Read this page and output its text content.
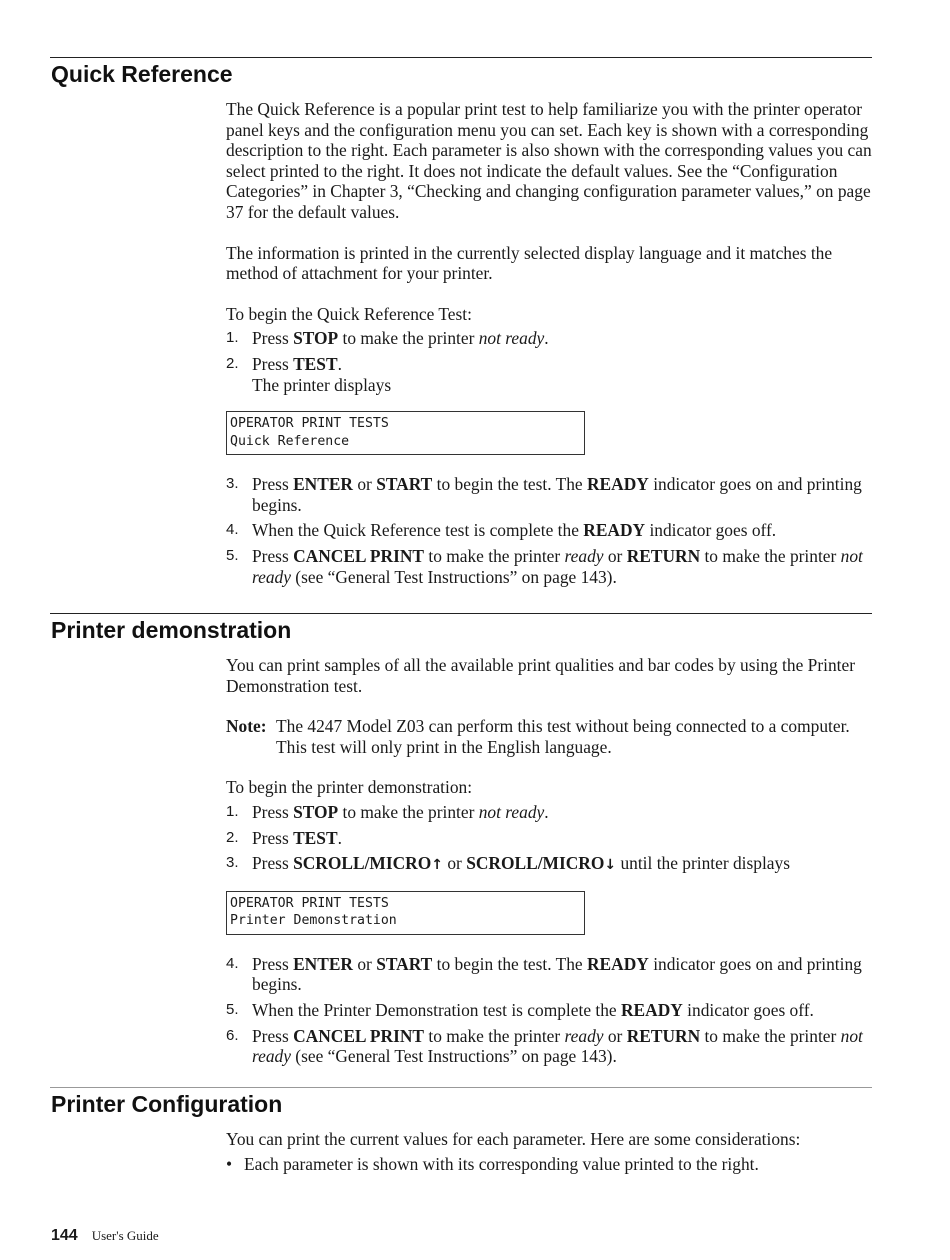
Quick Reference

The Quick Reference is a popular print test to help familiarize you with the printer operator panel keys and the configuration menu you can set. Each key is shown with a corresponding description to the right. Each parameter is also shown with the corresponding values you can select printed to the right. It does not indicate the default values. See the “Configuration Categories” in Chapter 3, “Checking and changing configuration parameter values,” on page 37 for the default values.

The information is printed in the currently selected display language and it matches the method of attachment for your printer.

To begin the Quick Reference Test:

1. Press STOP to make the printer not ready.
2. Press TEST.

The printer displays

OPERATOR PRINT TESTS
Quick Reference
3. Press ENTER or START to begin the test. The READY indicator goes on and printing begins.
4. When the Quick Reference test is complete the READY indicator goes off.
5. Press CANCEL PRINT to make the printer ready or RETURN to make the printer not ready (see “General Test Instructions” on page 143).
Printer demonstration

You can print samples of all the available print qualities and bar codes by using the Printer Demonstration test.

Note: The 4247 Model Z03 can perform this test without being connected to a computer. This test will only print in the English language.

To begin the printer demonstration:

1. Press STOP to make the printer not ready.
2. Press TEST.
3. Press SCROLL/MICRO↑ or SCROLL/MICRO↓ until the printer displays
OPERATOR PRINT TESTS
Printer Demonstration
4. Press ENTER or START to begin the test. The READY indicator goes on and printing begins.
5. When the Printer Demonstration test is complete the READY indicator goes off.
6. Press CANCEL PRINT to make the printer ready or RETURN to make the printer not ready (see “General Test Instructions” on page 143).
Printer Configuration

You can print the current values for each parameter. Here are some considerations:

• Each parameter is shown with its corresponding value printed to the right.
144 User's Guide
